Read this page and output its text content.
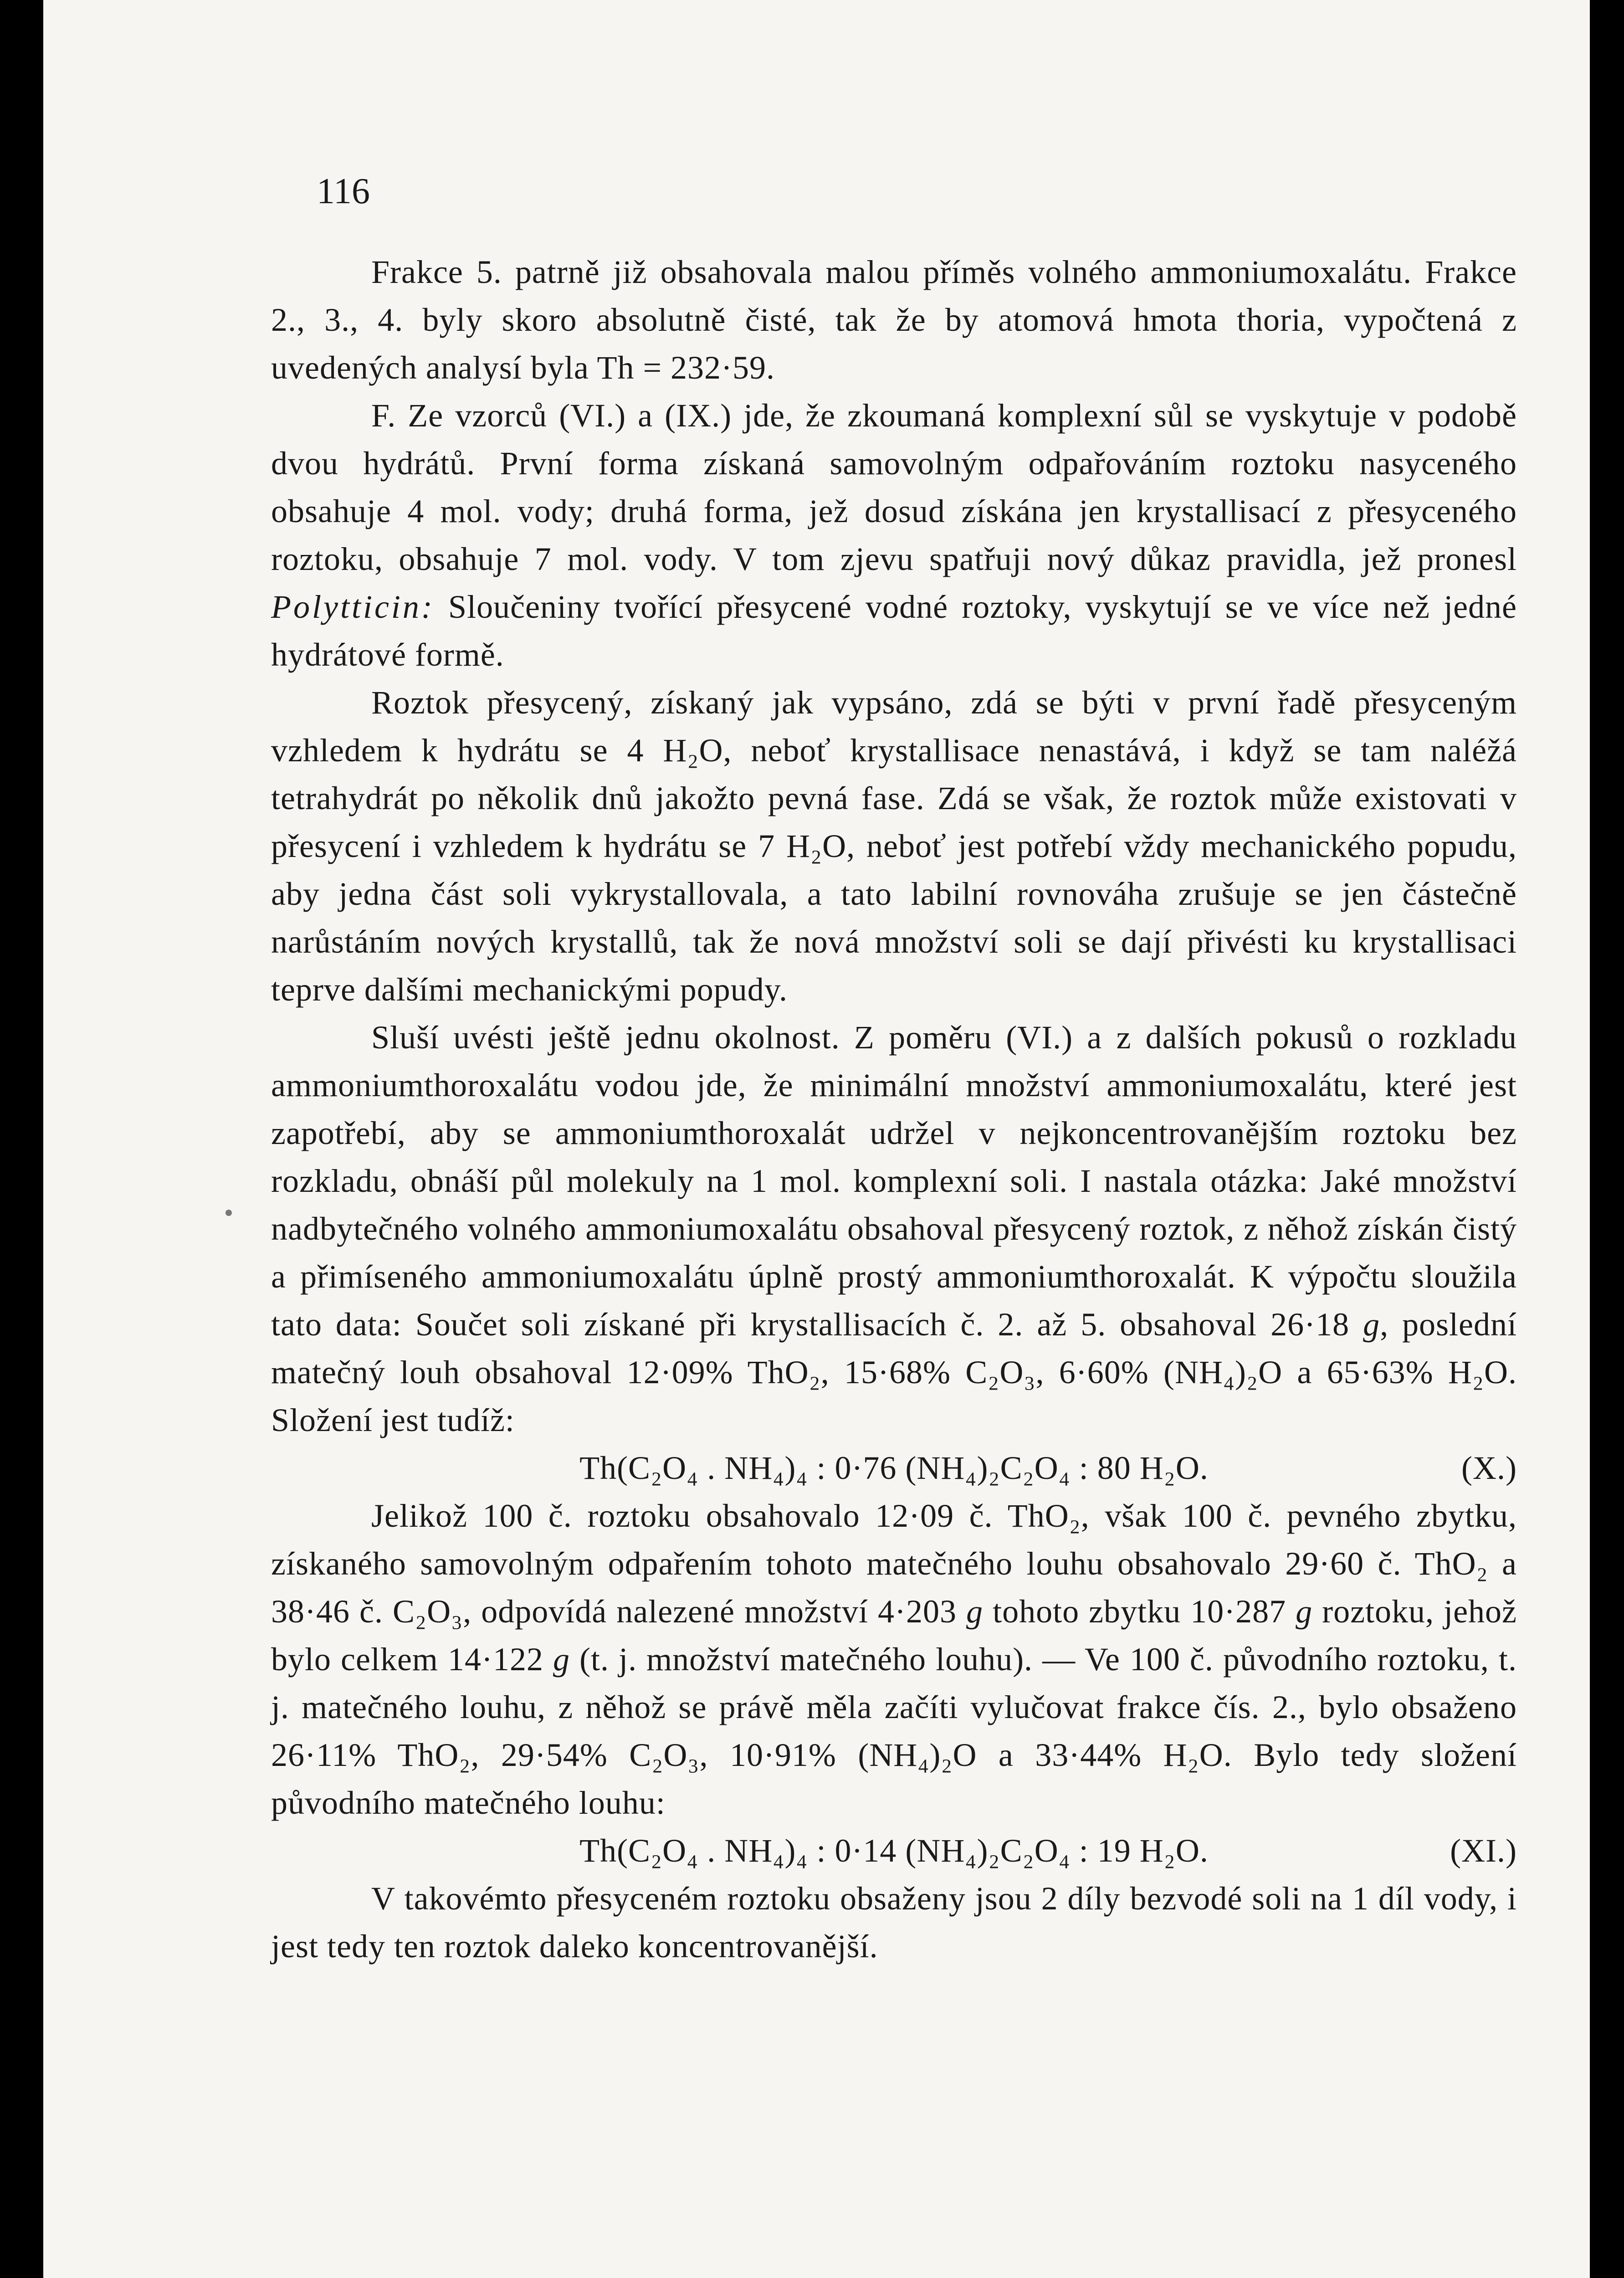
116

Frakce 5. patrně již obsahovala malou příměs volného ammoniumoxalátu. Frakce 2., 3., 4. byly skoro absolutně čisté, tak že by atomová hmota thoria, vypočtená z uvedených analysí byla Th = 232·59.

F. Ze vzorců (VI.) a (IX.) jde, že zkoumaná komplexní sůl se vyskytuje v podobě dvou hydrátů. První forma získaná samovolným odpařováním roztoku nasyceného obsahuje 4 mol. vody; druhá forma, jež dosud získána jen krystallisací z přesyceného roztoku, obsahuje 7 mol. vody. V tom zjevu spatřuji nový důkaz pravidla, jež pronesl Polytticin: Sloučeniny tvořící přesycené vodné roztoky, vyskytují se ve více než jedné hydrátové formě.

Roztok přesycený, získaný jak vypsáno, zdá se býti v první řadě přesyceným vzhledem k hydrátu se 4 H₂O, neboť krystallisace nenastává, i když se tam naléžá tetrahydrát po několik dnů jakožto pevná fase. Zdá se však, že roztok může existovati v přesycení i vzhledem k hydrátu se 7 H₂O, neboť jest potřebí vždy mechanického popudu, aby jedna část soli vykrystallovala, a tato labilní rovnováha zrušuje se jen částečně narůstáním nových krystallů, tak že nová množství soli se dají přivésti ku krystallisaci teprve dalšími mechanickými popudy.

Sluší uvésti ještě jednu okolnost. Z poměru (VI.) a z dalších pokusů o rozkladu ammoniumthoroxalátu vodou jde, že minimální množství ammoniumoxalátu, které jest zapotřebí, aby se ammoniumthoroxalát udržel v nejkoncentrovanějším roztoku bez rozkladu, obnáší půl molekuly na 1 mol. komplexní soli. I nastala otázka: Jaké množství nadbytečného volného ammoniumoxalátu obsahoval přesycený roztok, z něhož získán čistý a přimíseného ammoniumoxalátu úplně prostý ammoniumthoroxalát. K výpočtu sloužila tato data: Součet soli získané při krystallisacích č. 2. až 5. obsahoval 26·18 g, poslední matečný louh obsahoval 12·09% ThO₂, 15·68% C₂O₃, 6·60% (NH₄)₂O a 65·63% H₂O. Složení jest tudíž:

Th(C₂O₄ . NH₄)₄ : 0·76 (NH₄)₂C₂O₄ : 80 H₂O.	(X.)

Jelikož 100 č. roztoku obsahovalo 12·09 č. ThO₂, však 100 č. pevného zbytku, získaného samovolným odpařením tohoto matečného louhu obsahovalo 29·60 č. ThO₂ a 38·46 č. C₂O₃, odpovídá nalezené množství 4·203 g tohoto zbytku 10·287 g roztoku, jehož bylo celkem 14·122 g (t. j. množství matečného louhu). — Ve 100 č. původního roztoku, t. j. matečného louhu, z něhož se právě měla začíti vylučovat frakce čís. 2., bylo obsaženo 26·11% ThO₂, 29·54% C₂O₃, 10·91% (NH₄)₂O a 33·44% H₂O. Bylo tedy složení původního matečného louhu:

Th(C₂O₄ . NH₄)₄ : 0·14 (NH₄)₂C₂O₄ : 19 H₂O.	(XI.)

V takovémto přesyceném roztoku obsaženy jsou 2 díly bezvodé soli na 1 díl vody, i jest tedy ten roztok daleko koncentrovanější.
